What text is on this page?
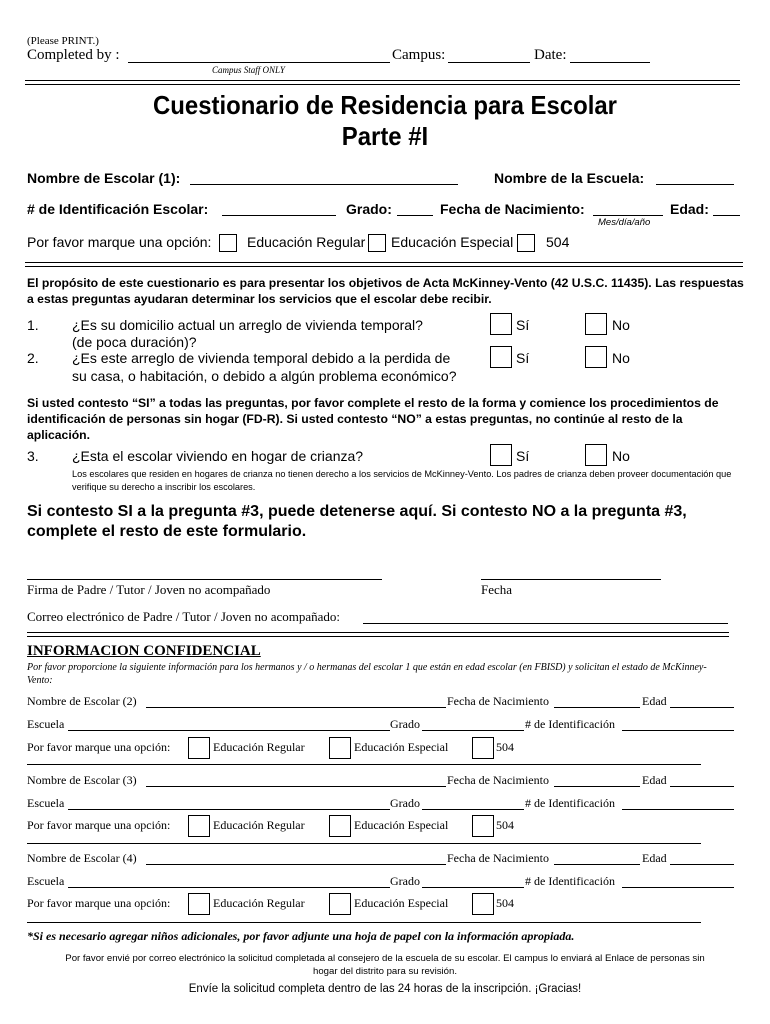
(Please PRINT.)
Completed by :	Campus:	Date:
Campus Staff ONLY
Cuestionario de Residencia para Escolar
Parte #I
Nombre de Escolar (1):	Nombre de la Escuela:
# de Identificación Escolar:	Grado:	Fecha de Nacimiento:	Edad:
Mes/día/año
Por favor marque una opción:	Educación Regular Educación Especial 504
El propósito de este cuestionario es para presentar los objetivos de Acta McKinney-Vento (42 U.S.C. 11435). Las respuestas a estas preguntas ayudaran determinar los servicios que el escolar debe recibir.
1. ¿Es su domicilio actual un arreglo de vivienda temporal?
(de poca duración)?
Sí	No
2. ¿Es este arreglo de vivienda temporal debido a la perdida de
su casa, o habitación, o debido a algún problema económico?
Sí	No
Si usted contesto “SI” a todas las preguntas, por favor complete el resto de la forma y comience los procedimientos de identificación de personas sin hogar (FD-R). Si usted contesto “NO” a estas preguntas, no continúe al resto de la aplicación.
3. ¿Esta el escolar viviendo en hogar de crianza?	Sí	No
Los escolares que residen en hogares de crianza no tienen derecho a los servicios de McKinney-Vento. Los padres de crianza deben proveer documentación que verifique su derecho a inscribir los escolares.
Si contesto SI a la pregunta #3, puede detenerse aquí. Si contesto NO a la pregunta #3,
complete el resto de este formulario.
Firma de Padre / Tutor / Joven no acompañado	Fecha
Correo electrónico de Padre / Tutor / Joven no acompañado:
INFORMACION CONFIDENCIAL
Por favor proporcione la siguiente información para los hermanos y / o hermanas del escolar 1 que están en edad escolar (en FBISD) y solicitan el estado de McKinney-Vento:
Nombre de Escolar (2)	Fecha de Nacimiento	Edad
Escuela	Grado	# de Identificación
Por favor marque una opción:	Educación Regular	Educación Especial	504
Nombre de Escolar (3)	Fecha de Nacimiento	Edad
Escuela	Grado	# de Identificación
Por favor marque una opción:	Educación Regular	Educación Especial	504
Nombre de Escolar (4)	Fecha de Nacimiento	Edad
Escuela	Grado	# de Identificación
Por favor marque una opción:	Educación Regular	Educación Especial	504
*Si es necesario agregar niños adicionales, por favor adjunte una hoja de papel con la información apropiada.
Por favor envié por correo electrónico la solicitud completada al consejero de la escuela de su escolar. El campus lo enviará al Enlace de personas sin
hogar del distrito para su revisión.
Envíe la solicitud completa dentro de las 24 horas de la inscripción. ¡Gracias!
